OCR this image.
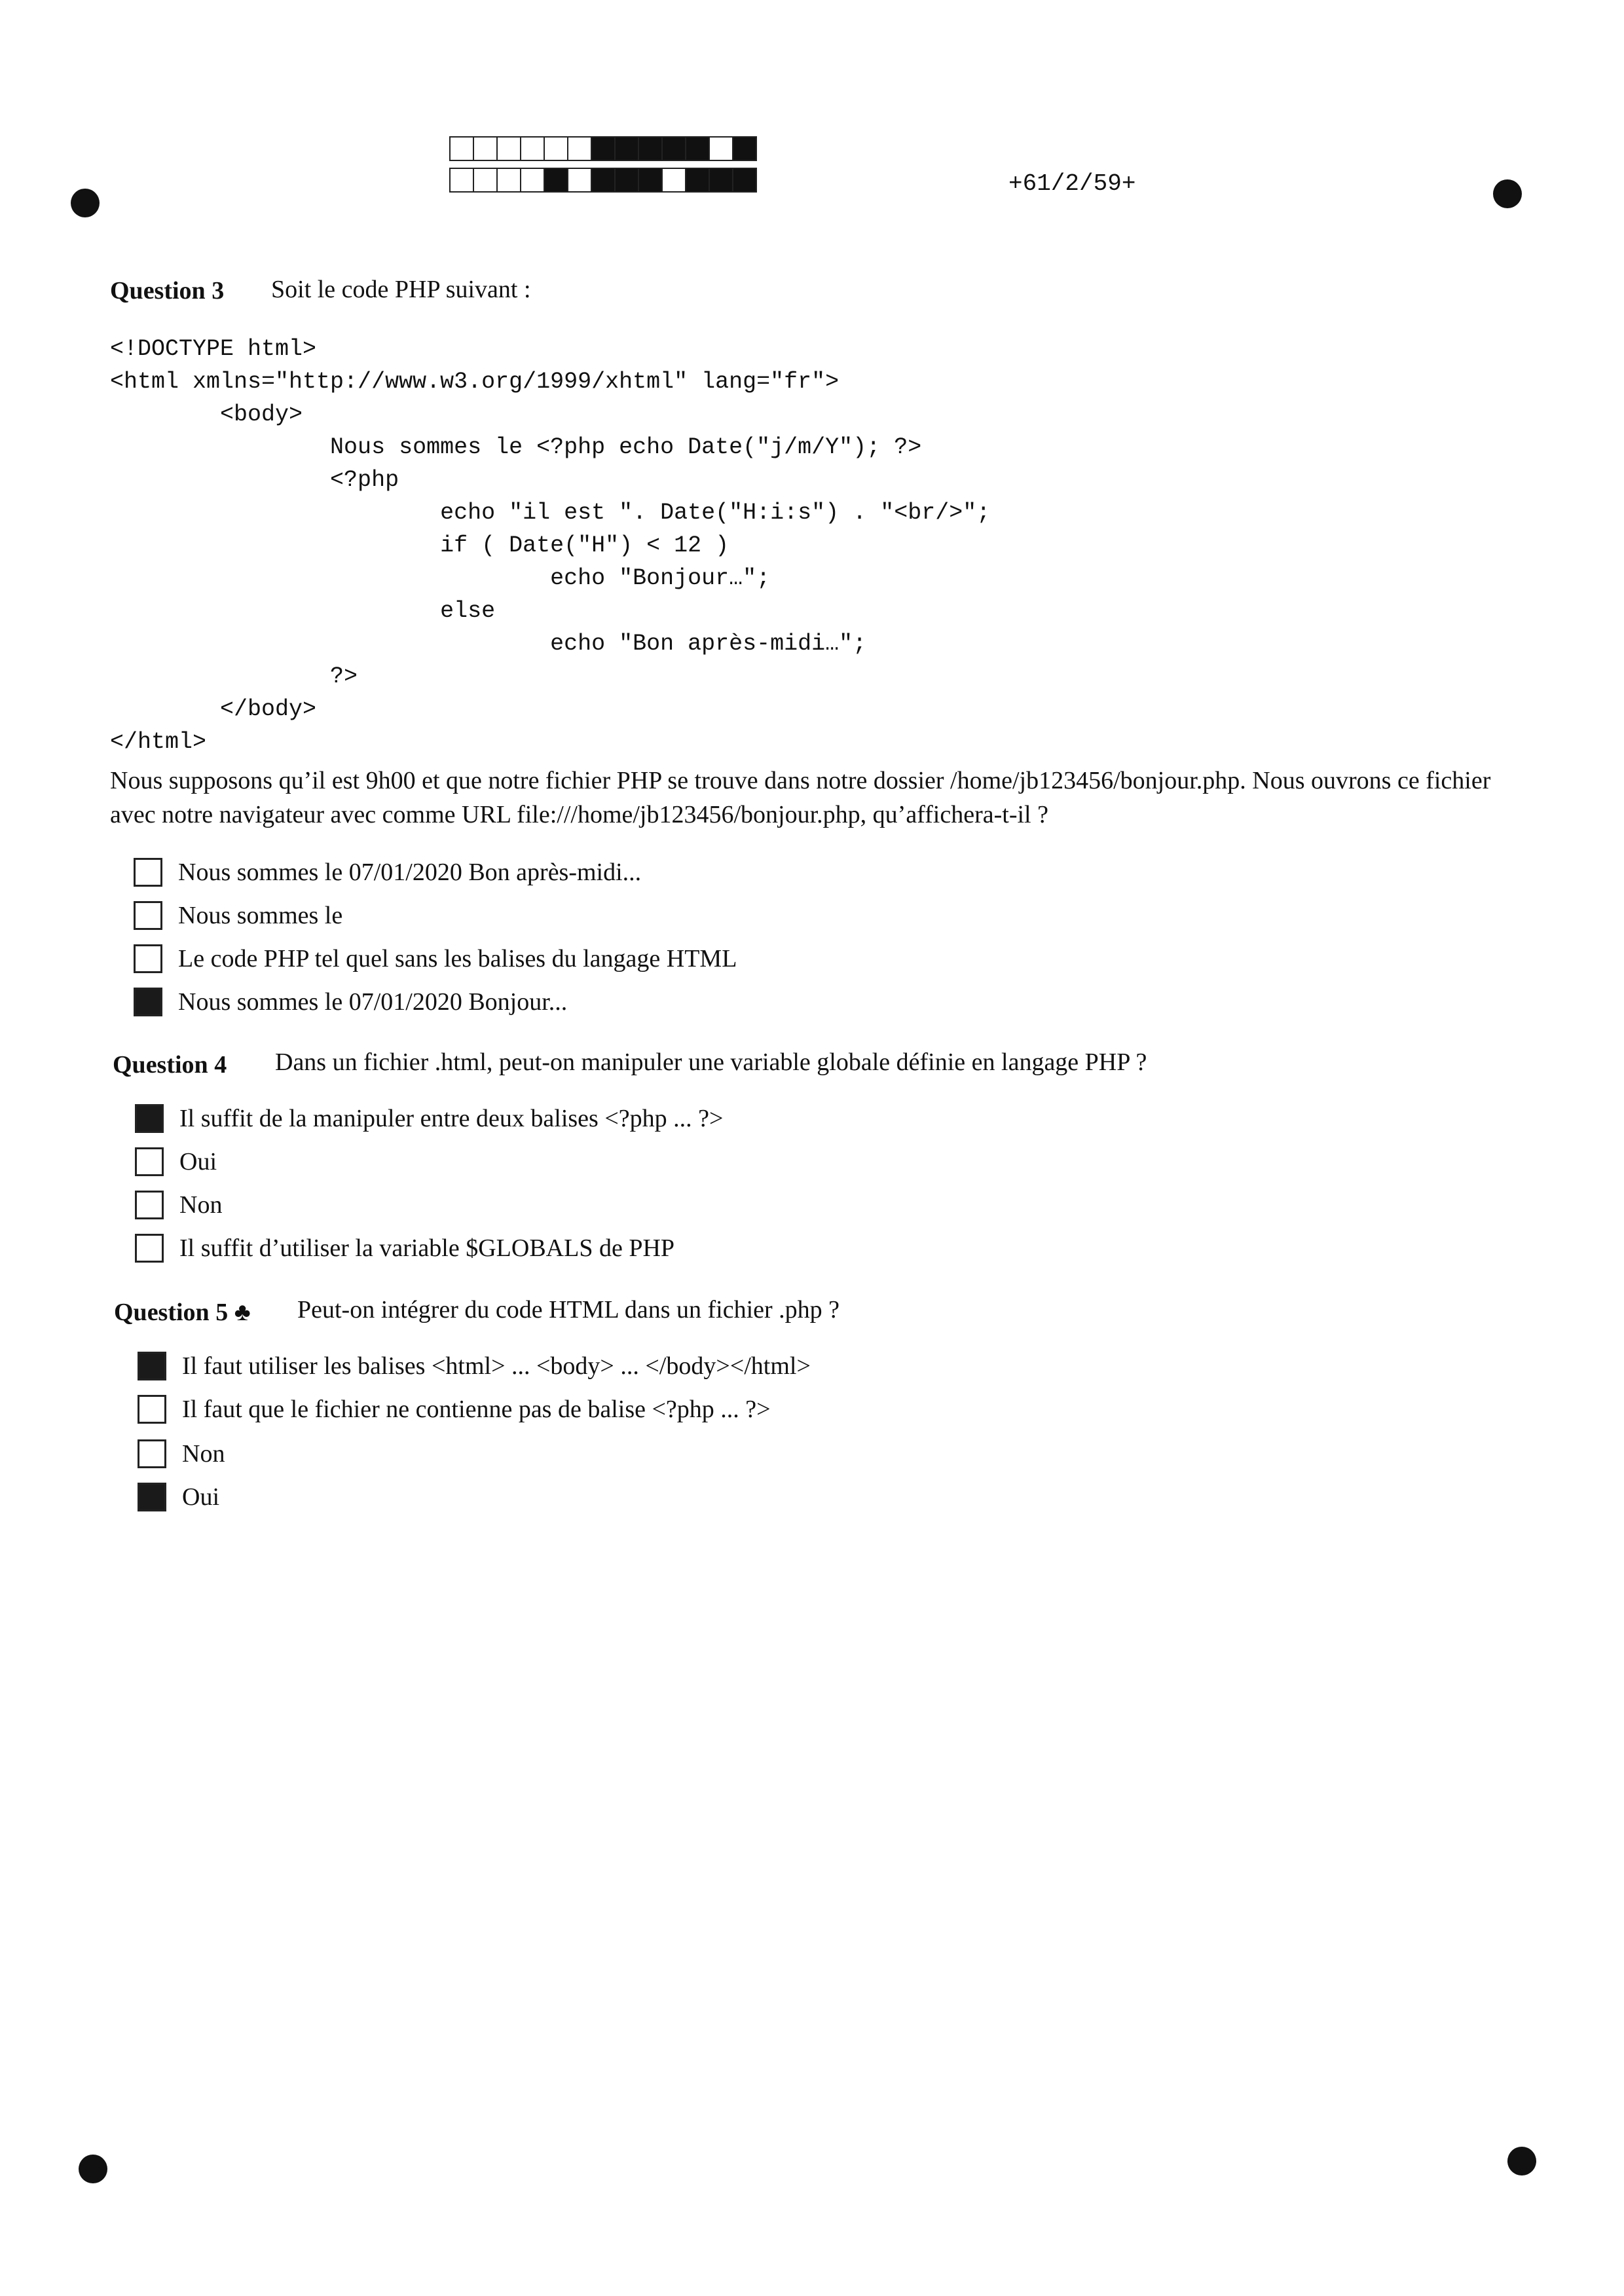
+61/2/59+
Question 3 Soit le code PHP suivant :
<!DOCTYPE html>
<html xmlns="http://www.w3.org/1999/xhtml" lang="fr">
<body>
Nous sommes le <?php echo Date("j/m/Y"); ?>
<?php
echo "il est ". Date("H:i:s") . "<br/>";
if ( Date("H") < 12 )
echo "Bonjour…";
else
echo "Bon après-midi…";
?>
</body>
</html>
Nous supposons qu’il est 9h00 et que notre fichier PHP se trouve dans notre dossier /home/jb123456/bonjour.php. Nous ouvrons ce fichier avec notre navigateur avec comme URL file:///home/jb123456/bonjour.php, qu’affichera-t-il ?
Nous sommes le 07/01/2020 Bon après-midi...
Nous sommes le
Le code PHP tel quel sans les balises du langage HTML
Nous sommes le 07/01/2020 Bonjour...
Question 4 Dans un fichier .html, peut-on manipuler une variable globale définie en langage PHP ?
Il suffit de la manipuler entre deux balises <?php ... ?>
Oui
Non
Il suffit d’utiliser la variable $GLOBALS de PHP
Question 5 ♣ Peut-on intégrer du code HTML dans un fichier .php ?
Il faut utiliser les balises <html> ... <body> ... </body></html>
Il faut que le fichier ne contienne pas de balise <?php ... ?>
Non
Oui
